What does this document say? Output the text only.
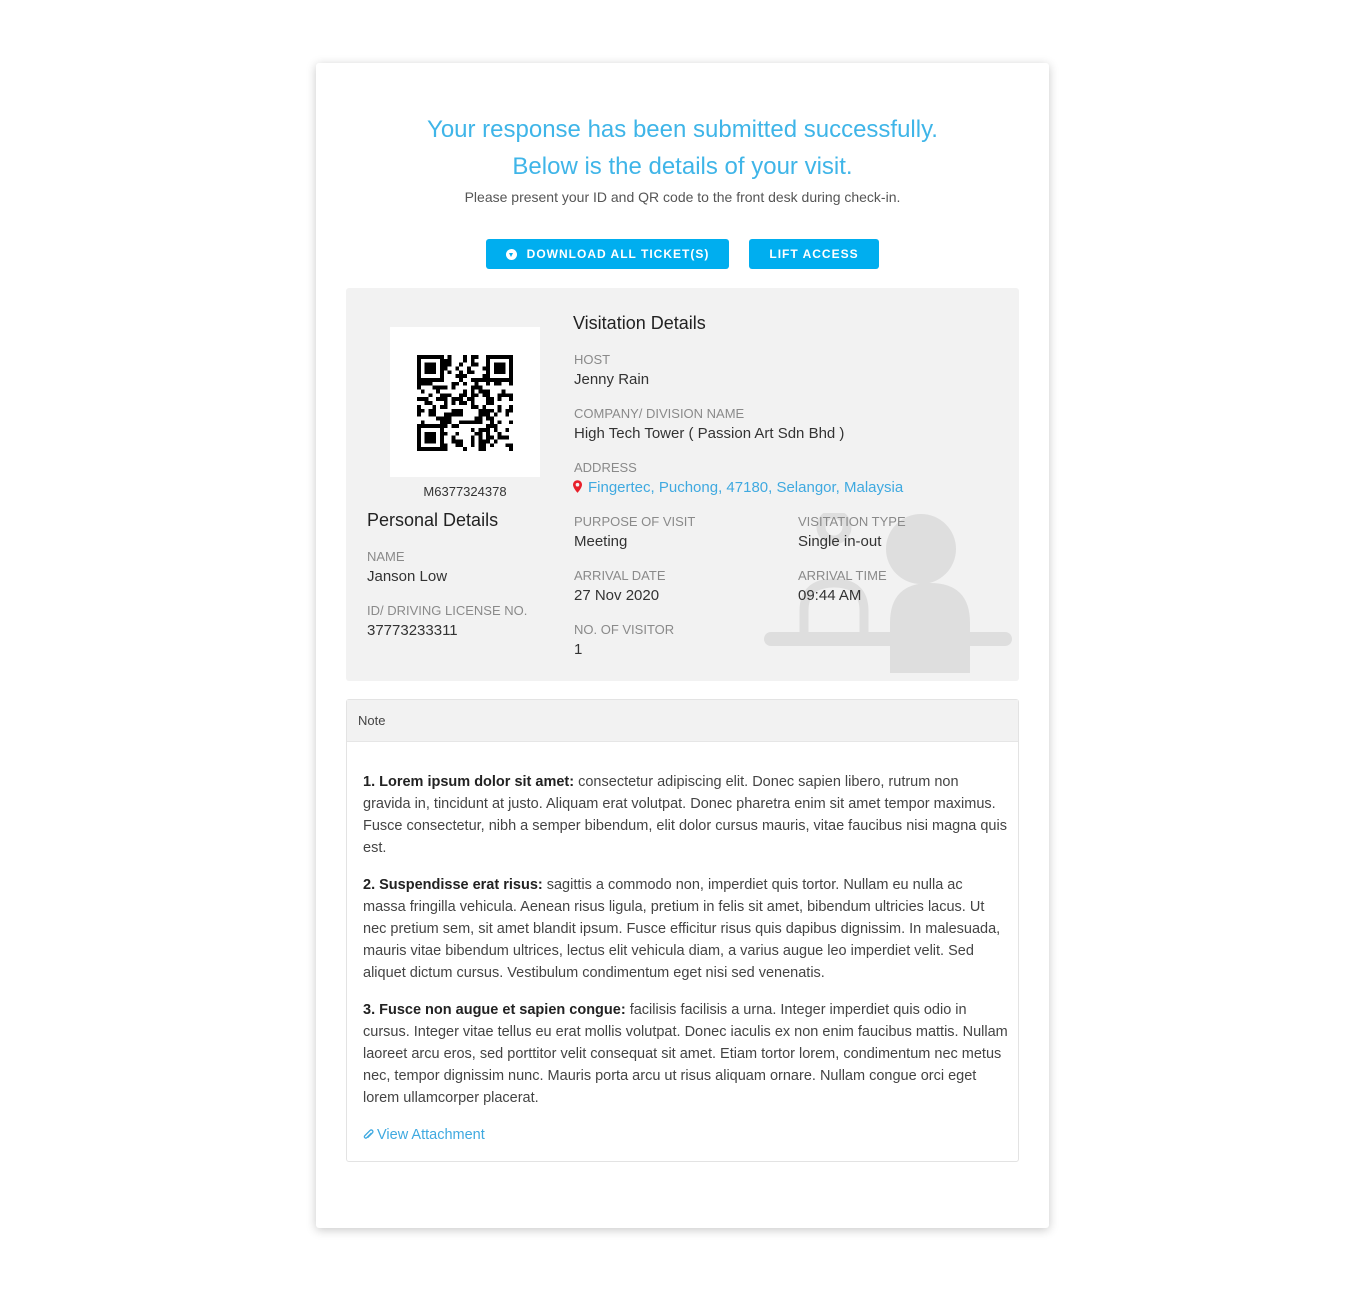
Your response has been submitted successfully.
Below is the details of your visit.
Please present your ID and QR code to the front desk during check-in.
DOWNLOAD ALL TICKET(S)	LIFT ACCESS
M6377324378
Personal Details
NAME
Janson Low
ID/ DRIVING LICENSE NO.
37773233311
Visitation Details
HOST
Jenny Rain
COMPANY/ DIVISION NAME
High Tech Tower ( Passion Art Sdn Bhd )
ADDRESS
Fingertec, Puchong, 47180, Selangor, Malaysia
PURPOSE OF VISIT
Meeting
VISITATION TYPE
Single in-out
ARRIVAL DATE
27 Nov 2020
ARRIVAL TIME
09:44 AM
NO. OF VISITOR
1
Note

1. Lorem ipsum dolor sit amet: consectetur adipiscing elit. Donec sapien libero, rutrum non gravida in, tincidunt at justo. Aliquam erat volutpat. Donec pharetra enim sit amet tempor maximus. Fusce consectetur, nibh a semper bibendum, elit dolor cursus mauris, vitae faucibus nisi magna quis est.

2. Suspendisse erat risus: sagittis a commodo non, imperdiet quis tortor. Nullam eu nulla ac massa fringilla vehicula. Aenean risus ligula, pretium in felis sit amet, bibendum ultricies lacus. Ut nec pretium sem, sit amet blandit ipsum. Fusce efficitur risus quis dapibus dignissim. In malesuada, mauris vitae bibendum ultrices, lectus elit vehicula diam, a varius augue leo imperdiet velit. Sed aliquet dictum cursus. Vestibulum condimentum eget nisi sed venenatis.

3. Fusce non augue et sapien congue: facilisis facilisis a urna. Integer imperdiet quis odio in cursus. Integer vitae tellus eu erat mollis volutpat. Donec iaculis ex non enim faucibus mattis. Nullam laoreet arcu eros, sed porttitor velit consequat sit amet. Etiam tortor lorem, condimentum nec metus nec, tempor dignissim nunc. Mauris porta arcu ut risus aliquam ornare. Nullam congue orci eget lorem ullamcorper placerat.

View Attachment
